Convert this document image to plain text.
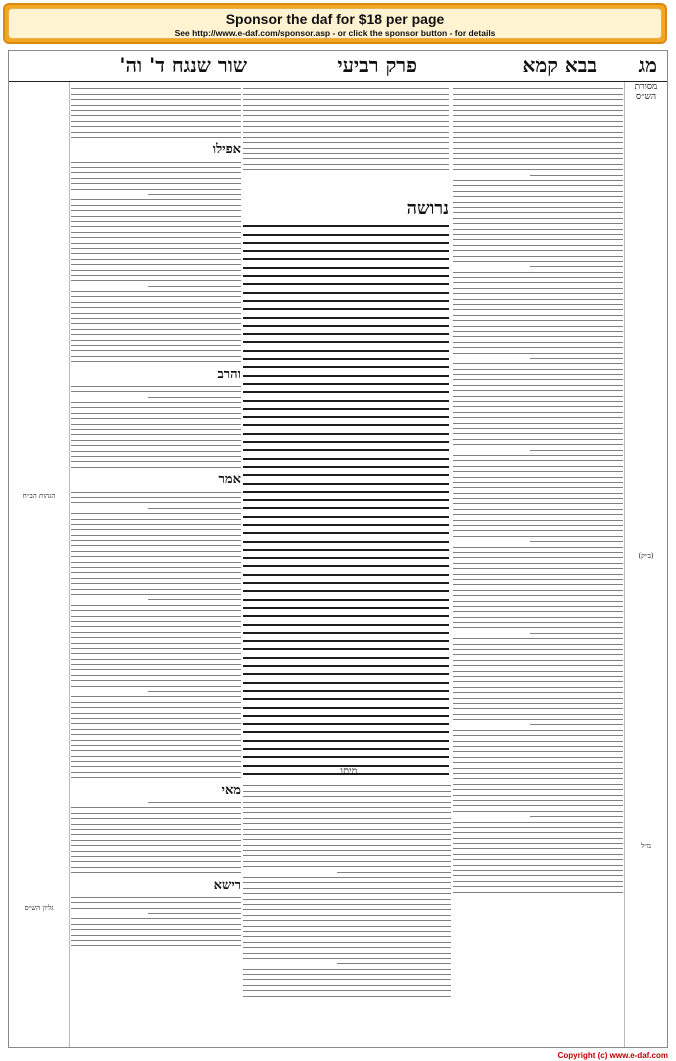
Sponsor the daf for $18 per page
See http://www.e-daf.com/sponsor.asp - or click the sponsor button - for details
מג
בבא קמא
פרק רביעי
שור שנגח ד' וה'
הגהות הב״ח
גליון הש״ס
מסורת הש״ס
מ״ל
(ב״ק)
אפילו
והרב
אמר
מאי
רישא
נרושה
מיתו
Copyright (c) www.e-daf.com
